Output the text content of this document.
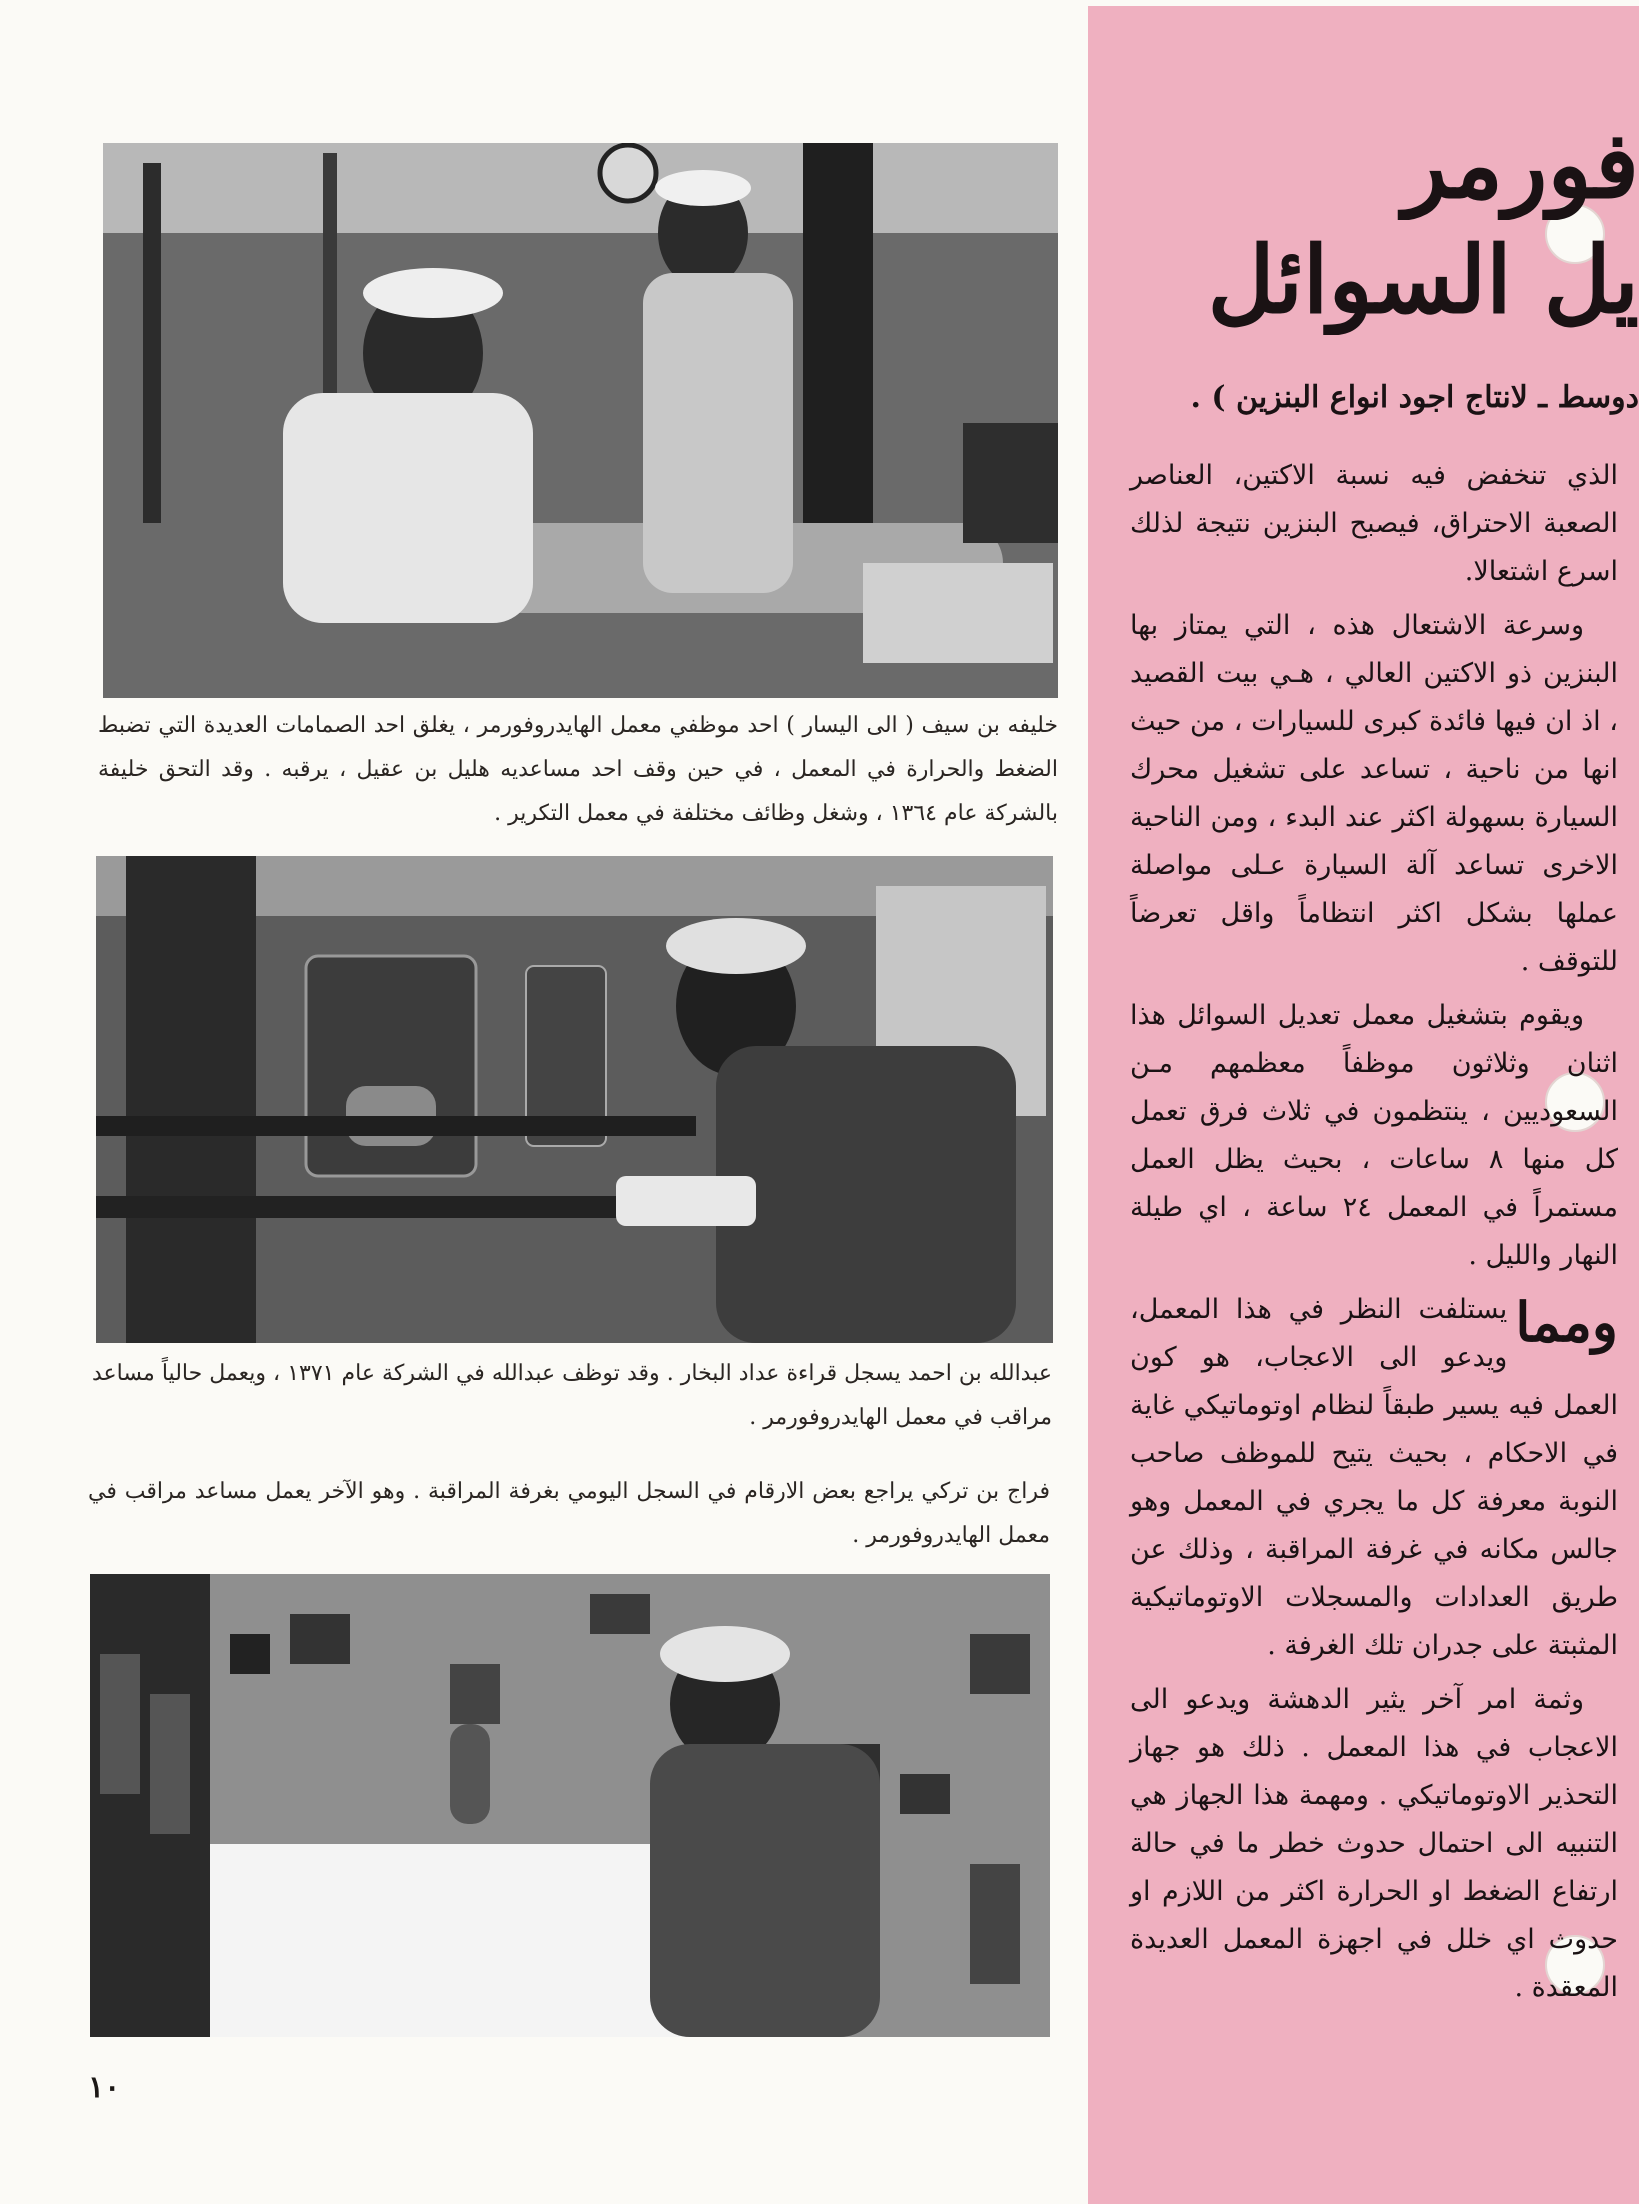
خليفه بن سيف ( الى اليسار ) احد موظفي معمل الهايدروفورمر ، يغلق احد الصمامات العديدة التي تضبط الضغط والحرارة في المعمل ، في حين وقف احد مساعديه هليل بن عقيل ، يرقبه . وقد التحق خليفة بالشركة عام ١٣٦٤ ، وشغل وظائف مختلفة في معمل التكرير .
عبدالله بن احمد يسجل قراءة عداد البخار . وقد توظف عبدالله في الشركة عام ١٣٧١ ، ويعمل حالياً مساعد مراقب في معمل الهايدروفورمر .
فراج بن تركي يراجع بعض الارقام في السجل اليومي بغرفة المراقبة . وهو الآخر يعمل مساعد مراقب في معمل الهايدروفورمر .
١٠
فورمر
يل السوائل
دوسط ـ لانتاج اجود انواع البنزين ) .

الذي تنخفض فيه نسبة الاكتين، العناصر الصعبة الاحتراق، فيصبح البنزين نتيجة لذلك اسرع اشتعالا.

وسرعة الاشتعال هذه ، التي يمتاز بها البنزين ذو الاكتين العالي ، هـي بيت القصيد ، اذ ان فيها فائدة كبرى للسيارات ، من حيث انها من ناحية ، تساعد على تشغيل محرك السيارة بسهولة اكثر عند البدء ، ومن الناحية الاخرى تساعد آلة السيارة عـلى مواصلة عملها بشكل اكثر انتظاماً واقل تعرضاً للتوقف .

ويقوم بتشغيل معمل تعديل السوائل هذا اثنان وثلاثون موظفاً معظمهم مـن السعوديين ، ينتظمون في ثلاث فرق تعمل كل منها ٨ ساعات ، بحيث يظل العمل مستمراً في المعمل ٢٤ ساعة ، اي طيلة النهار والليل .

ومما
يستلفت النظر في هذا المعمل، ويدعو الى الاعجاب، هو كون العمل فيه يسير طبقاً لنظام اوتوماتيكي غاية في الاحكام ، بحيث يتيح للموظف صاحب النوبة معرفة كل ما يجري في المعمل وهو جالس مكانه في غرفة المراقبة ، وذلك عن طريق العدادات والمسجلات الاوتوماتيكية المثبتة على جدران تلك الغرفة .

وثمة امر آخر يثير الدهشة ويدعو الى الاعجاب في هذا المعمل . ذلك هو جهاز التحذير الاوتوماتيكي . ومهمة هذا الجهاز هي التنبيه الى احتمال حدوث خطر ما في حالة ارتفاع الضغط او الحرارة اكثر من اللازم او حدوث اي خلل في اجهزة المعمل العديدة المعقدة .
